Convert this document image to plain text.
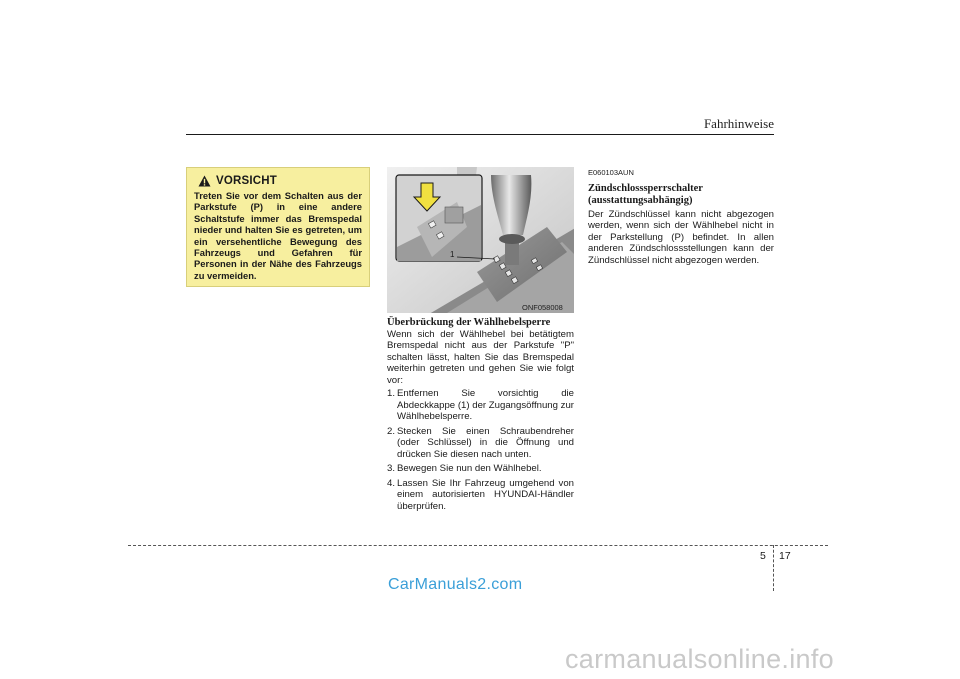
Fahrhinweise
VORSICHT
Treten Sie vor dem Schalten aus der Parkstufe (P) in eine andere Schaltstufe immer das Bremspedal nieder und halten Sie es getreten, um ein versehentliche Bewegung des Fahrzeugs und Gefahren für Personen in der Nähe des Fahrzeugs zu vermeiden.
1
ONF058008
Überbrückung der Wählhebelsperre
Wenn sich der Wählhebel bei betätigtem Bremspedal nicht aus der Parkstufe "P" schalten lässt, halten Sie das Bremspedal weiterhin getreten und gehen Sie wie folgt vor:
1. Entfernen Sie vorsichtig die Abdeckkappe (1) der Zugangsöffnung zur Wählhebelsperre.
2. Stecken Sie einen Schraubendreher (oder Schlüssel) in die Öffnung und drücken Sie diesen nach unten.
3. Bewegen Sie nun den Wählhebel.
4. Lassen Sie Ihr Fahrzeug umgehend von einem autorisierten HYUNDAI-Händler überprüfen.
E060103AUN
Zündschlosssperrschalter
(ausstattungsabhängig)
Der Zündschlüssel kann nicht abgezogen werden, wenn sich der Wählhebel nicht in der Parkstellung (P) befindet. In allen anderen Zündschlossstellungen kann der Zündschlüssel nicht abgezogen werden.
5 17
CarManuals2.com
carmanualsonline.info
